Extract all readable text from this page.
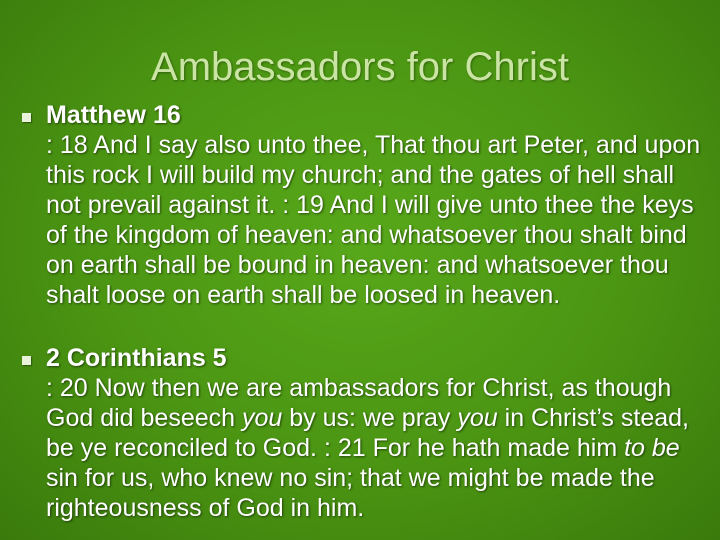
Ambassadors for Christ
Matthew 16
: 18 And I say also unto thee, That thou art Peter, and upon this rock I will build my church; and the gates of hell shall not prevail against it. : 19 And I will give unto thee the keys of the kingdom of heaven: and whatsoever thou shalt bind on earth shall be bound in heaven: and whatsoever thou shalt loose on earth shall be loosed in heaven.
2 Corinthians 5
: 20 Now then we are ambassadors for Christ, as though God did beseech you by us: we pray you in Christ’s stead, be ye reconciled to God. : 21 For he hath made him to be sin for us, who knew no sin; that we might be made the righteousness of God in him.
